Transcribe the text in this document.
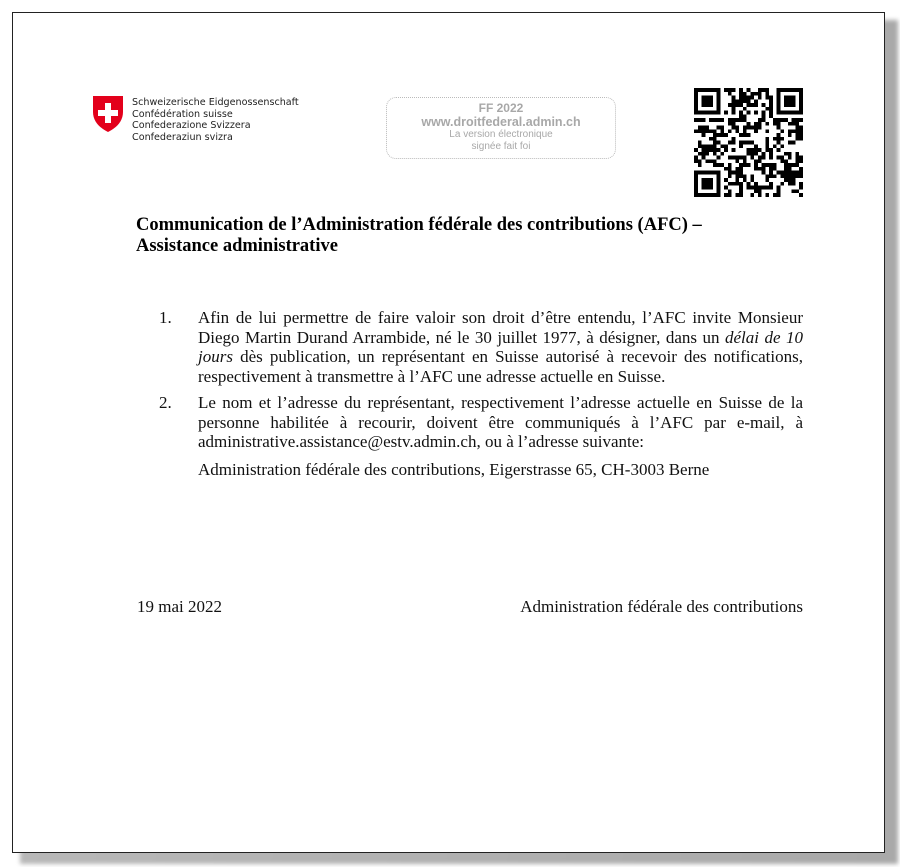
Schweizerische Eidgenossenschaft
Confédération suisse
Confederazione Svizzera
Confederaziun svizra
FF 2022
www.droitfederal.admin.ch
La version électronique
signée fait foi
Communication de l’Administration fédérale des contributions (AFC) –
Assistance administrative
1.	Afin de lui permettre de faire valoir son droit d’être entendu, l’AFC invite Monsieur Diego Martin Durand Arrambide, né le 30 juillet 1977, à désigner, dans un délai de 10 jours dès publication, un représentant en Suisse autorisé à recevoir des notifications, respectivement à transmettre à l’AFC une adresse actuelle en Suisse.
2.	Le nom et l’adresse du représentant, respectivement l’adresse actuelle en Suisse de la personne habilitée à recourir, doivent être communiqués à l’AFC par e-mail, à administrative.assistance@estv.admin.ch, ou à l’adresse suivante:
Administration fédérale des contributions, Eigerstrasse 65, CH-3003 Berne
19 mai 2022	Administration fédérale des contributions
